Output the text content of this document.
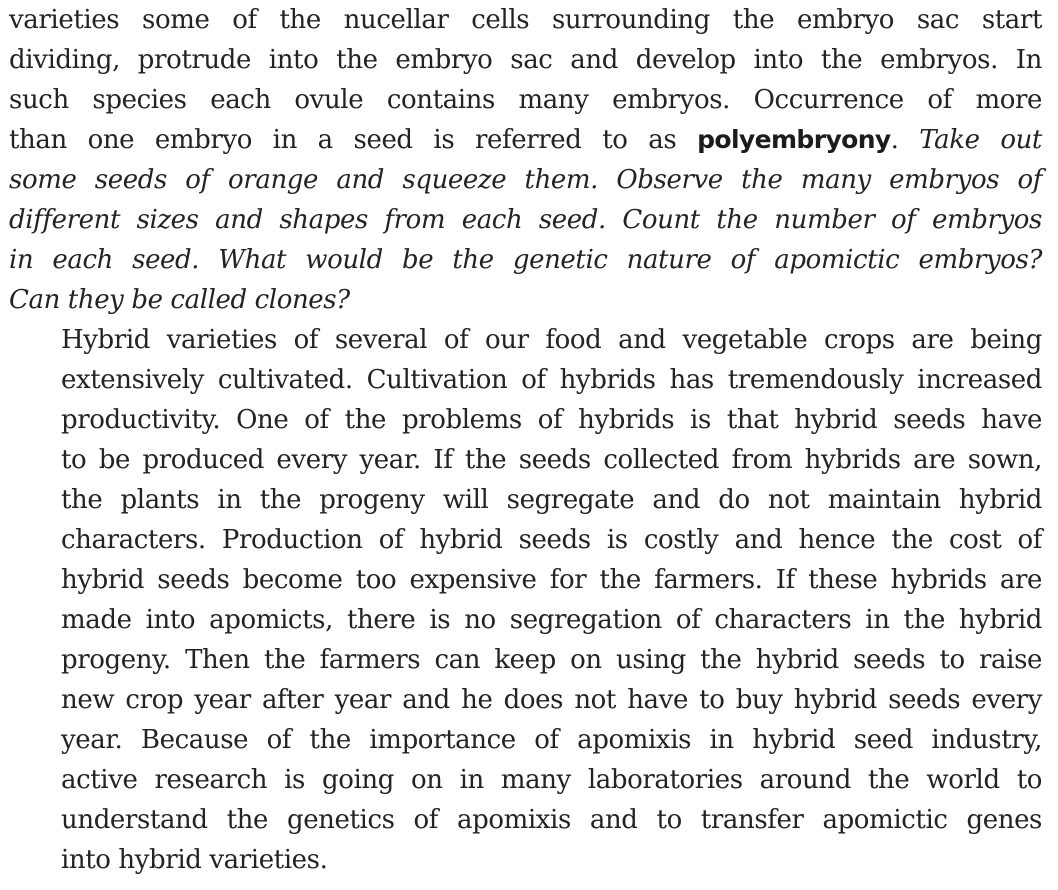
varieties some of the nucellar cells surrounding the embryo sac start
dividing, protrude into the embryo sac and develop into the embryos. In
such species each ovule contains many embryos. Occurrence of more
than one embryo in a seed is referred to as polyembryony. Take out
some seeds of orange and squeeze them. Observe the many embryos of
different sizes and shapes from each seed. Count the number of embryos
in each seed. What would be the genetic nature of apomictic embryos?
Can they be called clones?

Hybrid varieties of several of our food and vegetable crops are being
extensively cultivated. Cultivation of hybrids has tremendously increased
productivity. One of the problems of hybrids is that hybrid seeds have
to be produced every year. If the seeds collected from hybrids are sown,
the plants in the progeny will segregate and do not maintain hybrid
characters. Production of hybrid seeds is costly and hence the cost of
hybrid seeds become too expensive for the farmers. If these hybrids are
made into apomicts, there is no segregation of characters in the hybrid
progeny. Then the farmers can keep on using the hybrid seeds to raise
new crop year after year and he does not have to buy hybrid seeds every
year. Because of the importance of apomixis in hybrid seed industry,
active research is going on in many laboratories around the world to
understand the genetics of apomixis and to transfer apomictic genes
into hybrid varieties.
